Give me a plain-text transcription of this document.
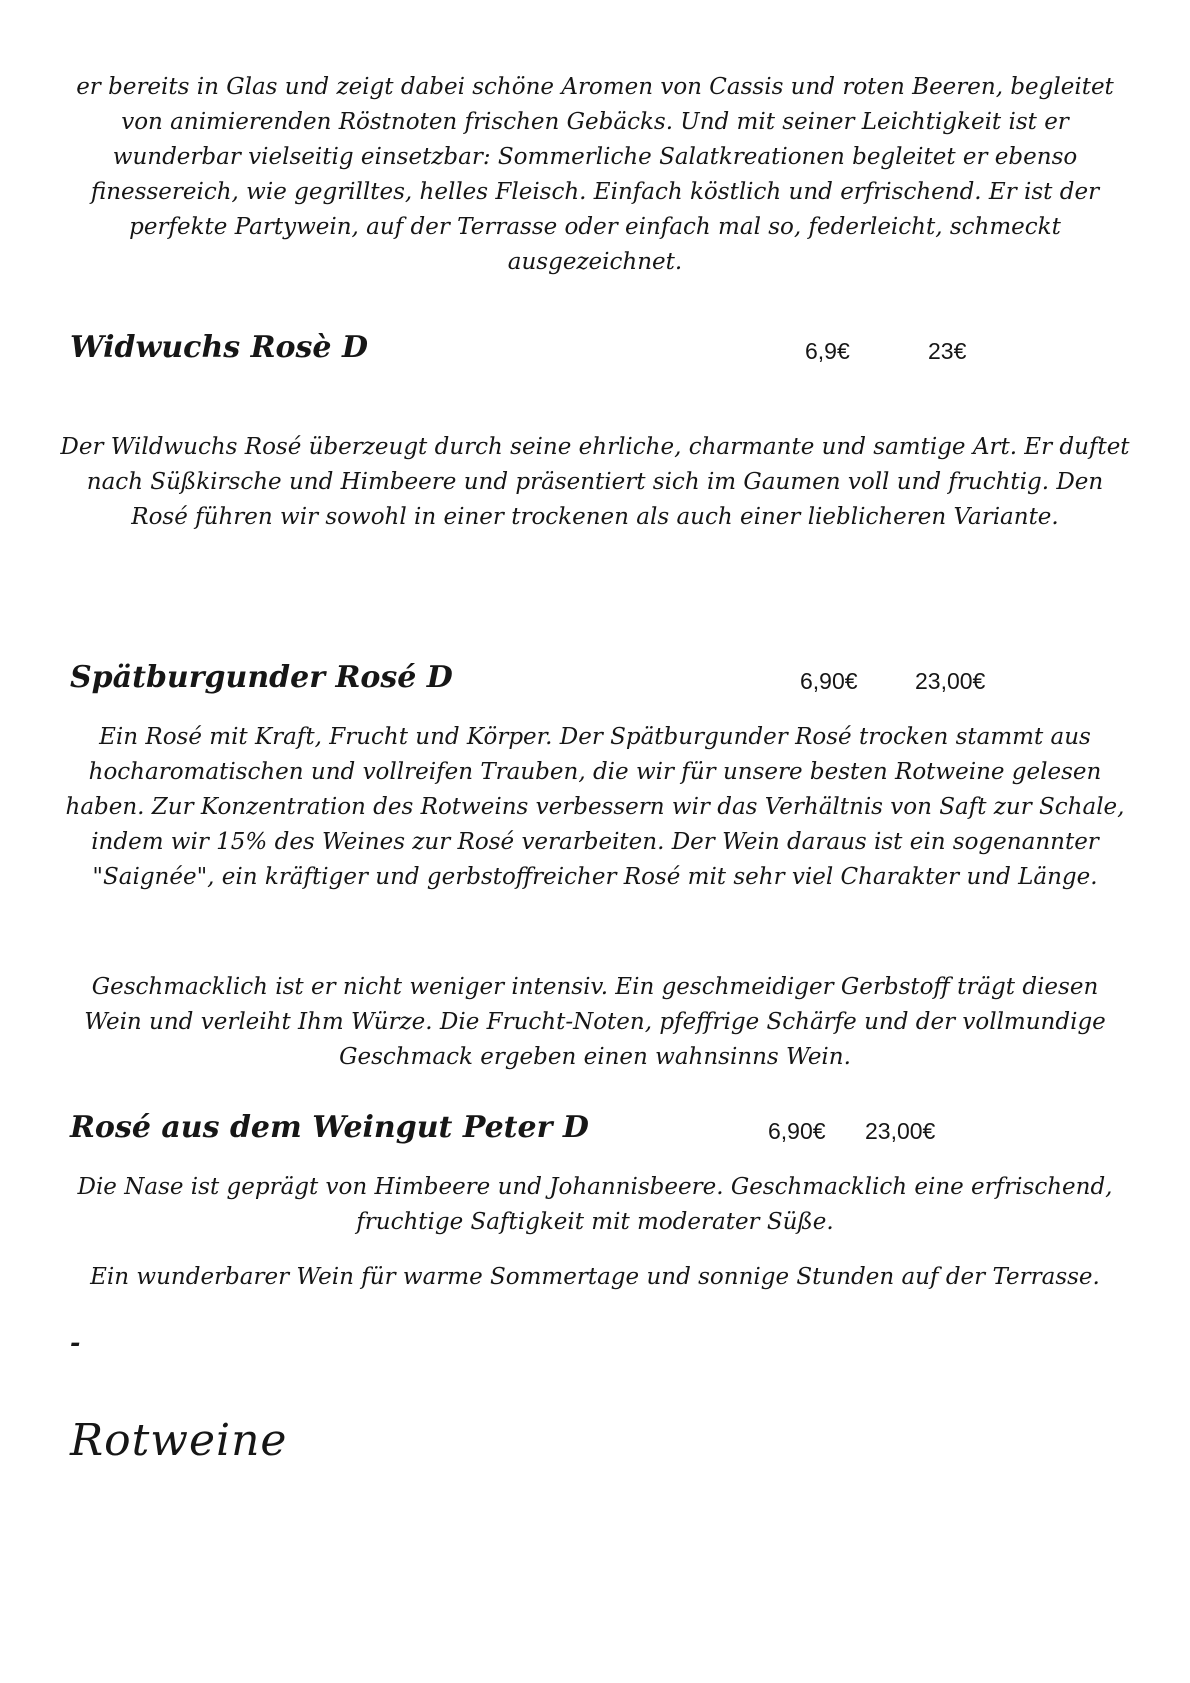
er bereits in Glas und zeigt dabei schöne Aromen von Cassis und roten Beeren, begleitet von animierenden Röstnoten frischen Gebäcks. Und mit seiner Leichtigkeit ist er wunderbar vielseitig einsetzbar: Sommerliche Salatkreationen begleitet er ebenso finessereich, wie gegrilltes, helles Fleisch. Einfach köstlich und erfrischend. Er ist der perfekte Partywein, auf der Terrasse oder einfach mal so, federleicht, schmeckt ausgezeichnet.

Widwuchs Rosè D	6,9€	23€

Der Wildwuchs Rosé überzeugt durch seine ehrliche, charmante und samtige Art. Er duftet nach Süßkirsche und Himbeere und präsentiert sich im Gaumen voll und fruchtig. Den Rosé führen wir sowohl in einer trockenen als auch einer lieblicheren Variante.

Spätburgunder Rosé D	6,90€ 23,00€

Ein Rosé mit Kraft, Frucht und Körper. Der Spätburgunder Rosé trocken stammt aus hocharomatischen und vollreifen Trauben, die wir für unsere besten Rotweine gelesen haben. Zur Konzentration des Rotweins verbessern wir das Verhältnis von Saft zur Schale, indem wir 15% des Weines zur Rosé verarbeiten. Der Wein daraus ist ein sogenannter "Saignée", ein kräftiger und gerbstoffreicher Rosé mit sehr viel Charakter und Länge.

Geschmacklich ist er nicht weniger intensiv. Ein geschmeidiger Gerbstoff trägt diesen Wein und verleiht Ihm Würze. Die Frucht-Noten, pfeffrige Schärfe und der vollmundige Geschmack ergeben einen wahnsinns Wein.

Rosé aus dem Weingut Peter D	6,90€ 23,00€

Die Nase ist geprägt von Himbeere und Johannisbeere. Geschmacklich eine erfrischend, fruchtige Saftigkeit mit moderater Süße.

Ein wunderbarer Wein für warme Sommertage und sonnige Stunden auf der Terrasse.

-

Rotweine
